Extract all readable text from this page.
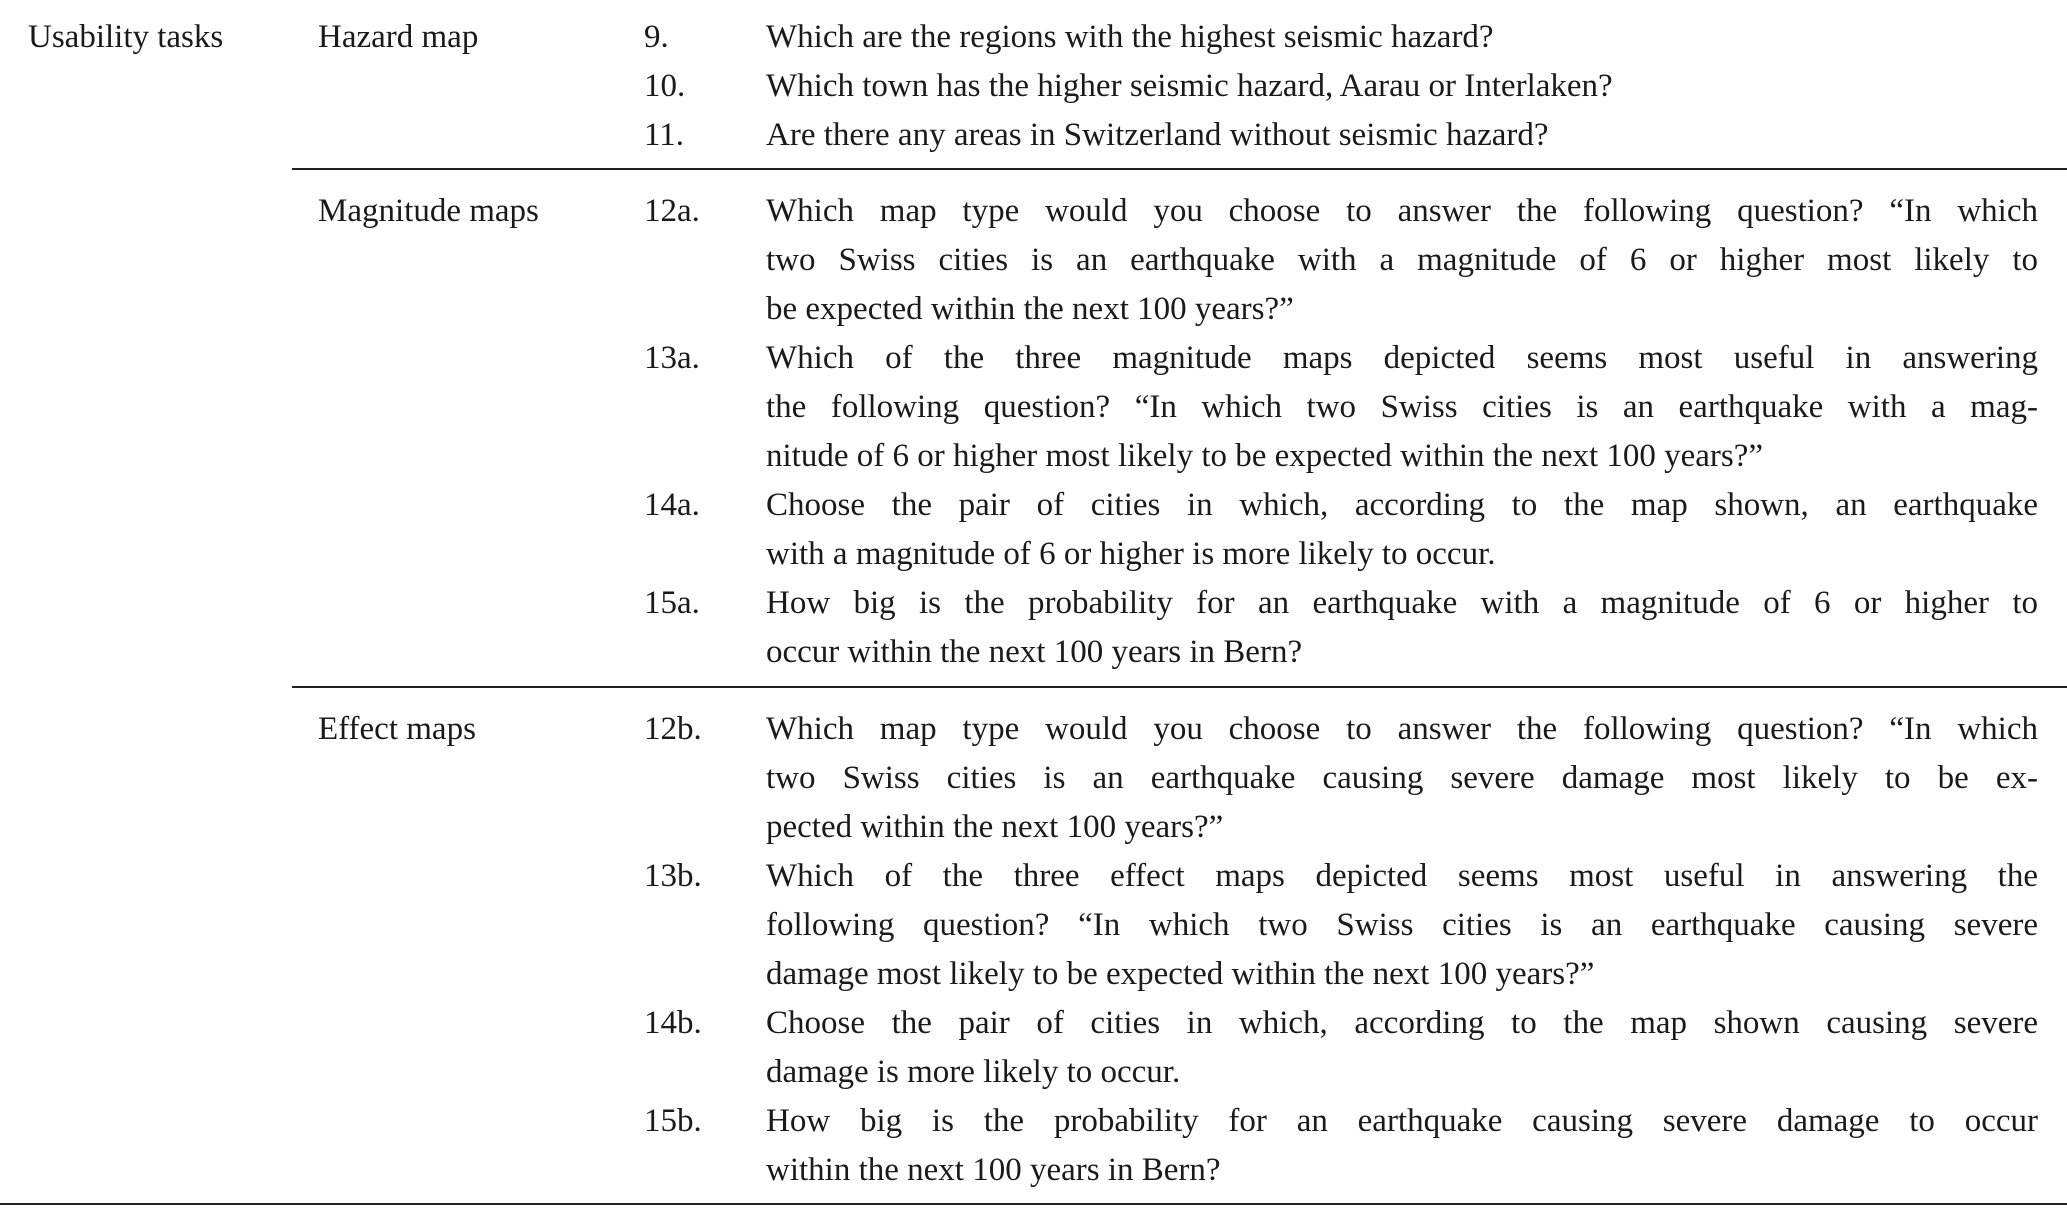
Usability tasks	Hazard map	9.	Which are the regions with the highest seismic hazard?
10. Which town has the higher seismic hazard, Aarau or Interlaken?
11. Are there any areas in Switzerland without seismic hazard?
Magnitude maps	12a. Which map type would you choose to answer the following question? “In which
two Swiss cities is an earthquake with a magnitude of 6 or higher most likely to
be expected within the next 100 years?”
13a. Which of the three magnitude maps depicted seems most useful in answering
the following question? “In which two Swiss cities is an earthquake with a mag-
nitude of 6 or higher most likely to be expected within the next 100 years?”
14a. Choose the pair of cities in which, according to the map shown, an earthquake
with a magnitude of 6 or higher is more likely to occur.
15a. How big is the probability for an earthquake with a magnitude of 6 or higher to
occur within the next 100 years in Bern?
Effect maps	12b. Which map type would you choose to answer the following question? “In which
two Swiss cities is an earthquake causing severe damage most likely to be ex-
pected within the next 100 years?”
13b. Which of the three effect maps depicted seems most useful in answering the
following question? “In which two Swiss cities is an earthquake causing severe
damage most likely to be expected within the next 100 years?”
14b. Choose the pair of cities in which, according to the map shown causing severe
damage is more likely to occur.
15b. How big is the probability for an earthquake causing severe damage to occur
within the next 100 years in Bern?
